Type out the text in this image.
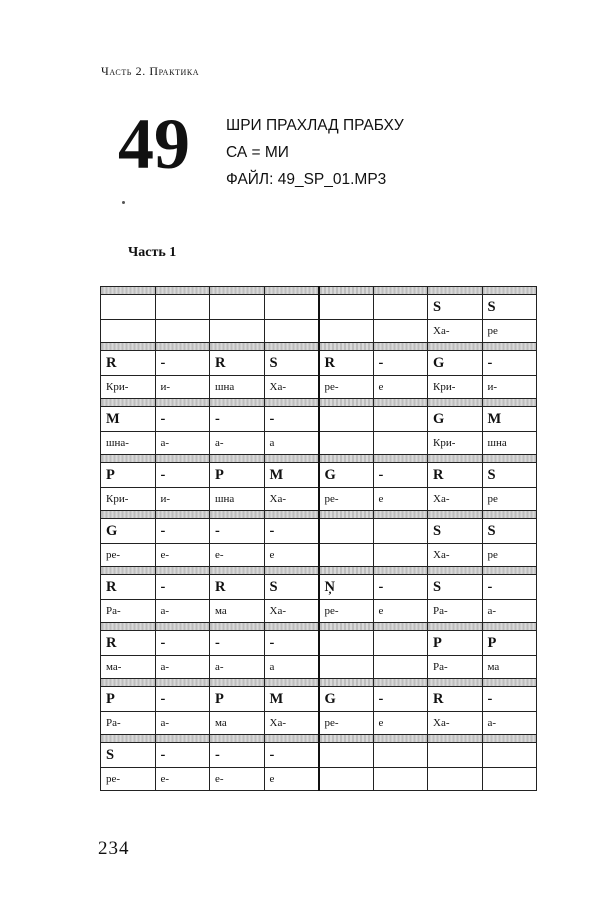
Часть 2. Практика
49 ШРИ ПРАХЛАД ПРАБХУ
СА = МИ
ФАЙЛ: 49_SP_01.MP3
Часть 1

						S	S
						Ха-	ре

R	-	R	S	R	-	G	-
Кри-	и-	шна	Ха-	ре-	е	Кри-	и-

M	-	-	-			G	M
шна-	а-	а-	а			Кри-	шна

P	-	P	M	G	-	R	S
Кри-	и-	шна	Ха-	ре-	е	Ха-	ре

G	-	-	-			S	S
ре-	е-	е-	е			Ха-	ре

R	-	R	S	Ņ	-	S	-
Ра-	а-	ма	Ха-	ре-	е	Ра-	а-

R	-	-	-			P	P
ма-	а-	а-	а			Ра-	ма

P	-	P	M	G	-	R	-
Ра-	а-	ма	Ха-	ре-	е	Ха-	а-

S	-	-	-				
ре-	е-	е-	е				
234
